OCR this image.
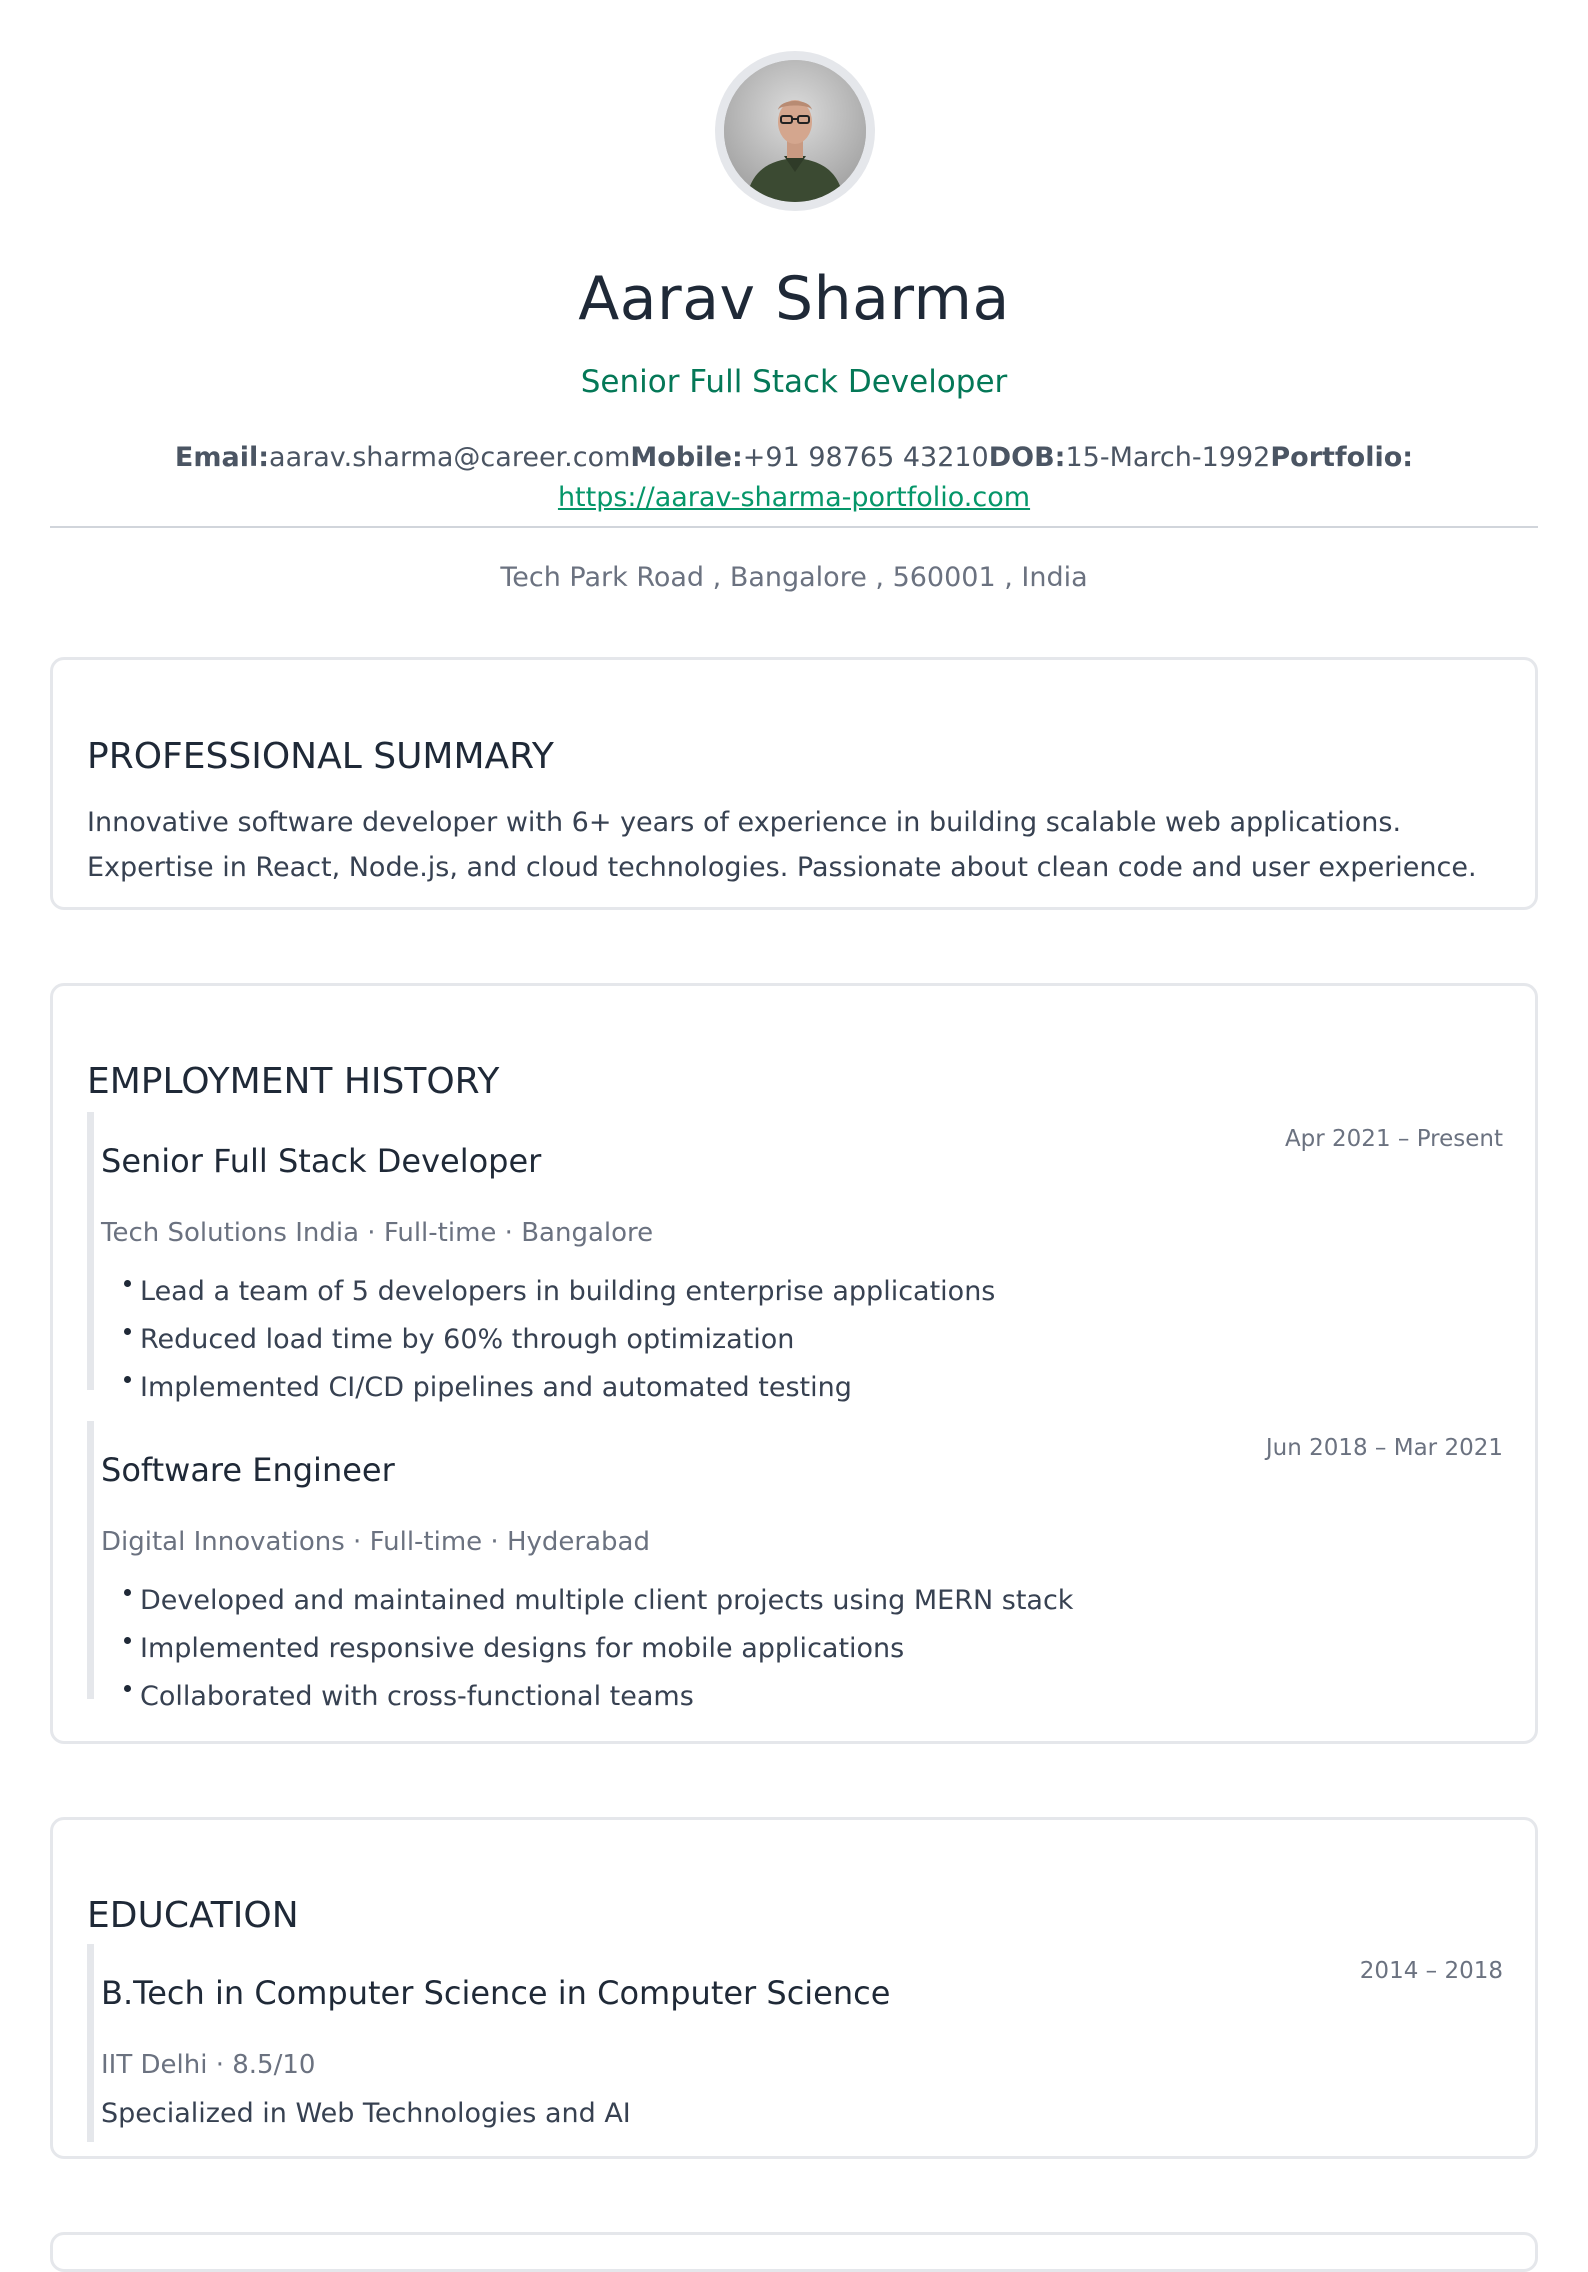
Aarav Sharma
Senior Full Stack Developer
Email:aarav.sharma@career.comMobile:+91 98765 43210DOB:15-March-1992Portfolio:
https://aarav-sharma-portfolio.com
Tech Park Road , Bangalore , 560001 , India
PROFESSIONAL SUMMARY
Innovative software developer with 6+ years of experience in building scalable web applications. Expertise in React, Node.js, and cloud technologies. Passionate about clean code and user experience.
EMPLOYMENT HISTORY
Senior Full Stack Developer
Apr 2021 – Present
Tech Solutions India · Full-time · Bangalore
Lead a team of 5 developers in building enterprise applications
Reduced load time by 60% through optimization
Implemented CI/CD pipelines and automated testing
Software Engineer
Jun 2018 – Mar 2021
Digital Innovations · Full-time · Hyderabad
Developed and maintained multiple client projects using MERN stack
Implemented responsive designs for mobile applications
Collaborated with cross-functional teams
EDUCATION
B.Tech in Computer Science in Computer Science
2014 – 2018
IIT Delhi · 8.5/10
Specialized in Web Technologies and AI
